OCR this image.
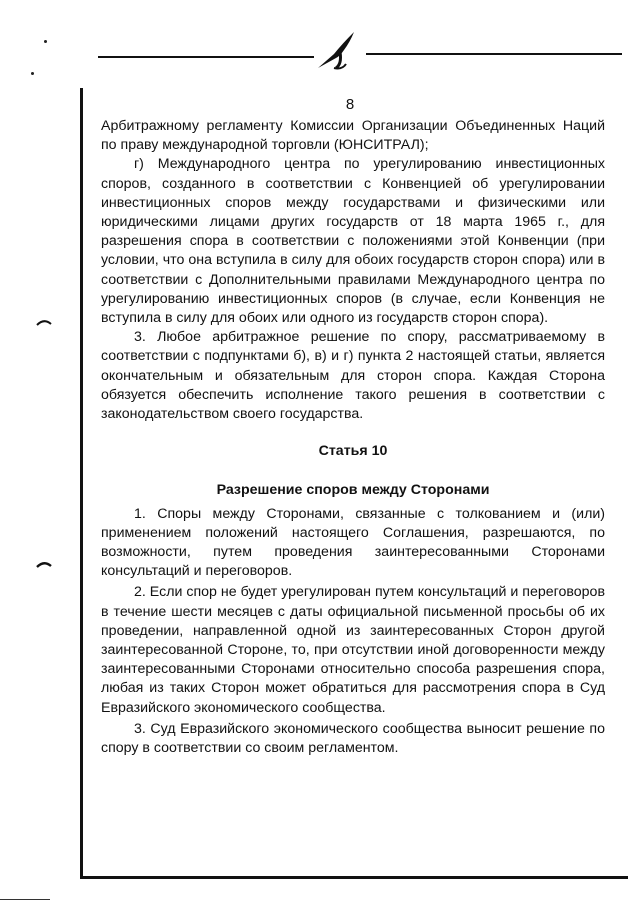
8

Арбитражному регламенту Комиссии Организации Объединенных Наций по праву международной торговли (ЮНСИТРАЛ);

г) Международного центра по урегулированию инвестиционных споров, созданного в соответствии с Конвенцией об урегулировании инвестиционных споров между государствами и физическими или юридическими лицами других государств от 18 марта 1965 г., для разрешения спора в соответствии с положениями этой Конвенции (при условии, что она вступила в силу для обоих государств сторон спора) или в соответствии с Дополнительными правилами Международного центра по урегулированию инвестиционных споров (в случае, если Конвенция не вступила в силу для обоих или одного из государств сторон спора).

3. Любое арбитражное решение по спору, рассматриваемому в соответствии с подпунктами б), в) и г) пункта 2 настоящей статьи, является окончательным и обязательным для сторон спора. Каждая Сторона обязуется обеспечить исполнение такого решения в соответствии с законодательством своего государства.

Статья 10
Разрешение споров между Сторонами

1. Споры между Сторонами, связанные с толкованием и (или) применением положений настоящего Соглашения, разрешаются, по возможности, путем проведения заинтересованными Сторонами консультаций и переговоров.

2. Если спор не будет урегулирован путем консультаций и переговоров в течение шести месяцев с даты официальной письменной просьбы об их проведении, направленной одной из заинтересованных Сторон другой заинтересованной Стороне, то, при отсутствии иной договоренности между заинтересованными Сторонами относительно способа разрешения спора, любая из таких Сторон может обратиться для рассмотрения спора в Суд Евразийского экономического сообщества.

3. Суд Евразийского экономического сообщества выносит решение по спору в соответствии со своим регламентом.
